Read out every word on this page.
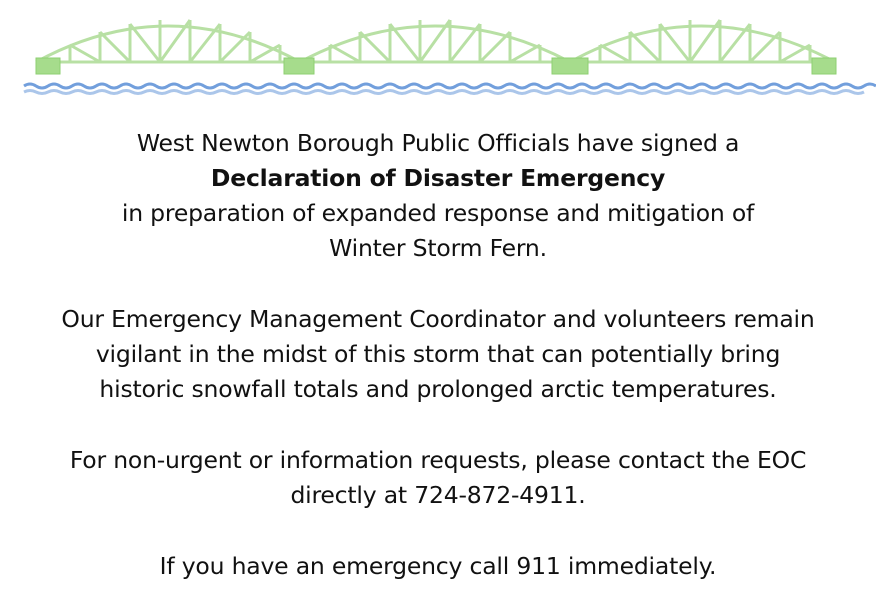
West Newton Borough Public Officials have signed a

Declaration of Disaster Emergency

in preparation of expanded response and mitigation of

Winter Storm Fern.

Our Emergency Management Coordinator and volunteers remain

vigilant in the midst of this storm that can potentially bring

historic snowfall totals and prolonged arctic temperatures.

For non-urgent or information requests, please contact the EOC

directly at 724-872-4911.

If you have an emergency call 911 immediately.
